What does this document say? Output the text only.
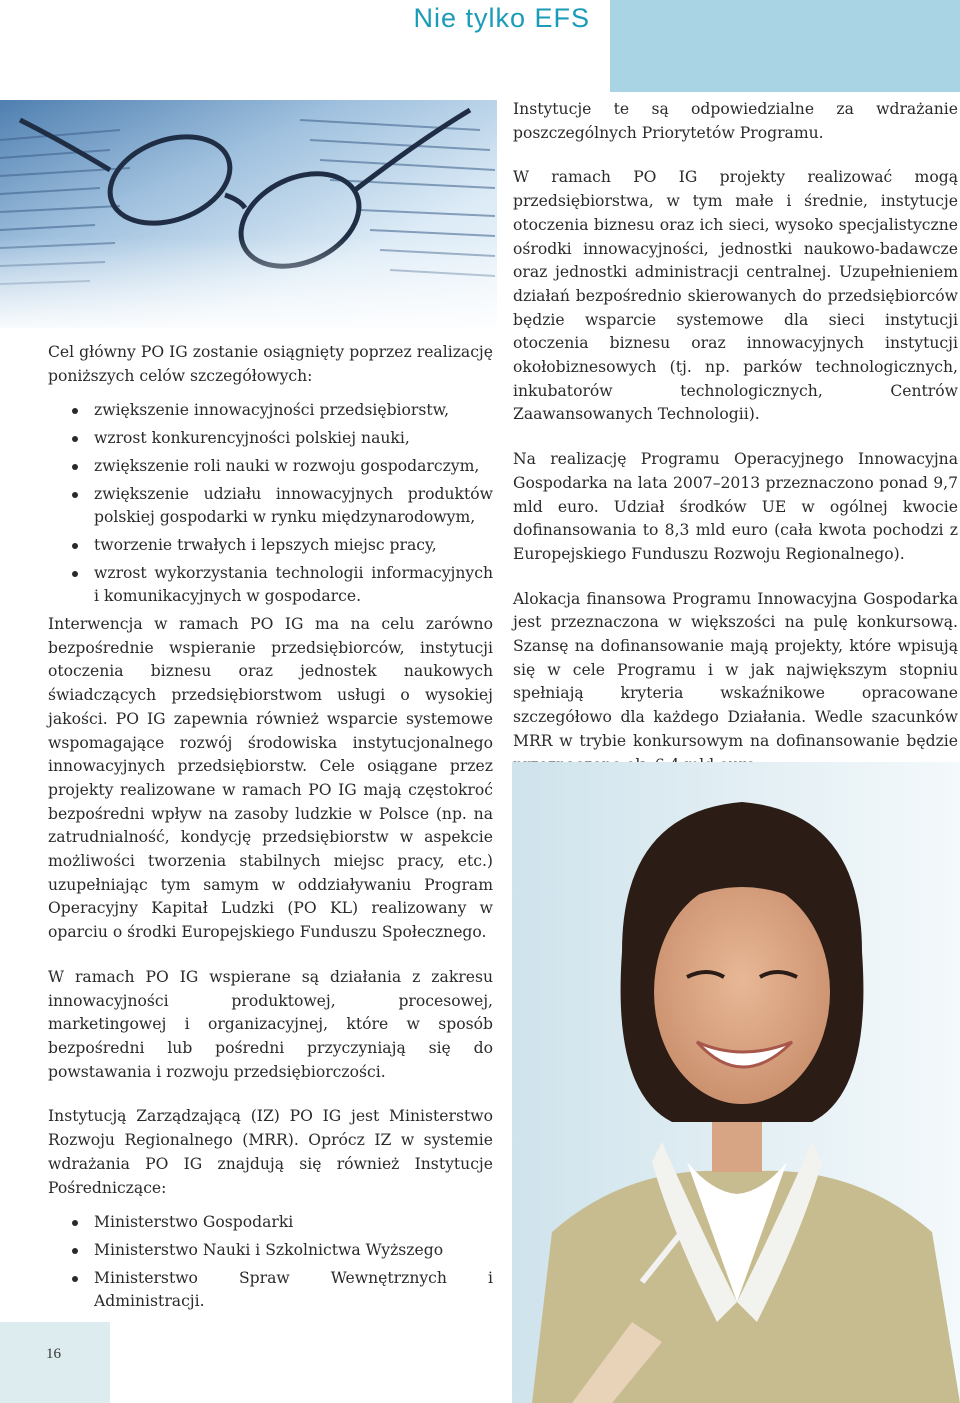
Nie tylko EFS

Cel główny PO IG zostanie osiągnięty poprzez realizację poniższych celów szczegółowych:

zwiększenie innowacyjności przedsiębiorstw,
wzrost konkurencyjności polskiej nauki,
zwiększenie roli nauki w rozwoju gospodarczym,
zwiększenie udziału innowacyjnych produktów polskiej gospodarki w rynku międzynarodowym,
tworzenie trwałych i lepszych miejsc pracy,
wzrost wykorzystania technologii informacyjnych i komunikacyjnych w gospodarce.

Interwencja w ramach PO IG ma na celu zarówno bezpośrednie wspieranie przedsiębiorców, instytucji otoczenia biznesu oraz jednostek naukowych świadczących przedsiębiorstwom usługi o wysokiej jakości. PO IG zapewnia również wsparcie systemowe wspomagające rozwój środowiska instytucjonalnego innowacyjnych przedsiębiorstw. Cele osiągane przez projekty realizowane w ramach PO IG mają częstokroć bezpośredni wpływ na zasoby ludzkie w Polsce (np. na zatrudnialność, kondycję przedsiębiorstw w aspekcie możliwości tworzenia stabilnych miejsc pracy, etc.) uzupełniając tym samym w oddziaływaniu Program Operacyjny Kapitał Ludzki (PO KL) realizowany w oparciu o środki Europejskiego Funduszu Społecznego.

W ramach PO IG wspierane są działania z zakresu innowacyjności produktowej, procesowej, marketingowej i organizacyjnej, które w sposób bezpośredni lub pośredni przyczyniają się do powstawania i rozwoju przedsiębiorczości.

Instytucją Zarządzającą (IZ) PO IG jest Ministerstwo Rozwoju Regionalnego (MRR). Oprócz IZ w systemie wdrażania PO IG znajdują się również Instytucje Pośredniczące:

Ministerstwo Gospodarki
Ministerstwo Nauki i Szkolnictwa Wyższego
Ministerstwo Spraw Wewnętrznych i Administracji.

Instytucje te są odpowiedzialne za wdrażanie poszczególnych Priorytetów Programu.

W ramach PO IG projekty realizować mogą przedsiębiorstwa, w tym małe i średnie, instytucje otoczenia biznesu oraz ich sieci, wysoko specjalistyczne ośrodki innowacyjności, jednostki naukowo-badawcze oraz jednostki administracji centralnej. Uzupełnieniem działań bezpośrednio skierowanych do przedsiębiorców będzie wsparcie systemowe dla sieci instytucji otoczenia biznesu oraz innowacyjnych instytucji okołobiznesowych (tj. np. parków technologicznych, inkubatorów technologicznych, Centrów Zaawansowanych Technologii).

Na realizację Programu Operacyjnego Innowacyjna Gospodarka na lata 2007–2013 przeznaczono ponad 9,7 mld euro. Udział środków UE w ogólnej kwocie dofinansowania to 8,3 mld euro (cała kwota pochodzi z Europejskiego Funduszu Rozwoju Regionalnego).

Alokacja finansowa Programu Innowacyjna Gospodarka jest przeznaczona w większości na pulę konkursową. Szansę na dofinansowanie mają projekty, które wpisują się w cele Programu i w jak największym stopniu spełniają kryteria wskaźnikowe opracowane szczegółowo dla każdego Działania. Wedle szacunków MRR w trybie konkursowym na dofinansowanie będzie

16
